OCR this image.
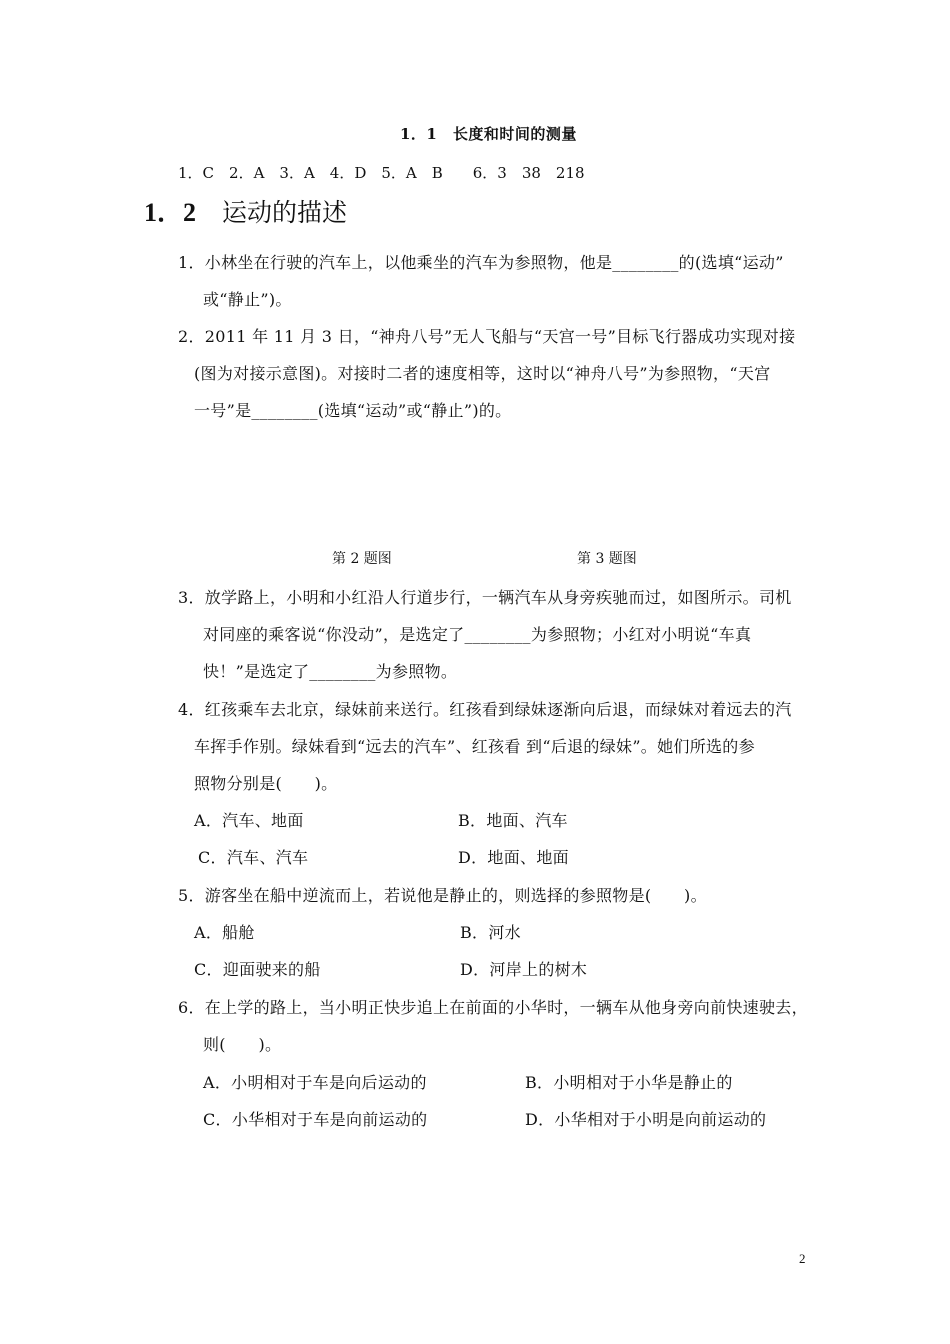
1．1　长度和时间的测量
1．C　2．A　3．A　4．D　5．A　B　　6．3　38　218
1．2 运动的描述
1．小林坐在行驶的汽车上，以他乘坐的汽车为参照物，他是________的(选填“运动”
或“静止”)。
2．2011 年 11 月 3 日，“神舟八号”无人飞船与“天宫一号”目标飞行器成功实现对接
(图为对接示意图)。对接时二者的速度相等，这时以“神舟八号”为参照物，“天宫
一号”是________(选填“运动”或“静止”)的。
第 2 题图	第 3 题图
3．放学路上，小明和小红沿人行道步行，一辆汽车从身旁疾驰而过，如图所示。司机
对同座的乘客说“你没动”，是选定了________为参照物；小红对小明说“车真
快！”是选定了________为参照物。
4．红孩乘车去北京，绿妹前来送行。红孩看到绿妹逐渐向后退，而绿妹对着远去的汽
车挥手作别。绿妹看到“远去的汽车”、红孩看 到“后退的绿妹”。她们所选的参
照物分别是(　　)。
A．汽车、地面	B．地面、汽车
C．汽车、汽车	D．地面、地面
5．游客坐在船中逆流而上，若说他是静止的，则选择的参照物是(　　)。
A．船舱	B．河水
C．迎面驶来的船	D．河岸上的树木
6．在上学的路上，当小明正快步追上在前面的小华时，一辆车从他身旁向前快速驶去，
则(　　)。
A．小明相对于车是向后运动的	B．小明相对于小华是静止的
C．小华相对于车是向前运动的	D．小华相对于小明是向前运动的
2
